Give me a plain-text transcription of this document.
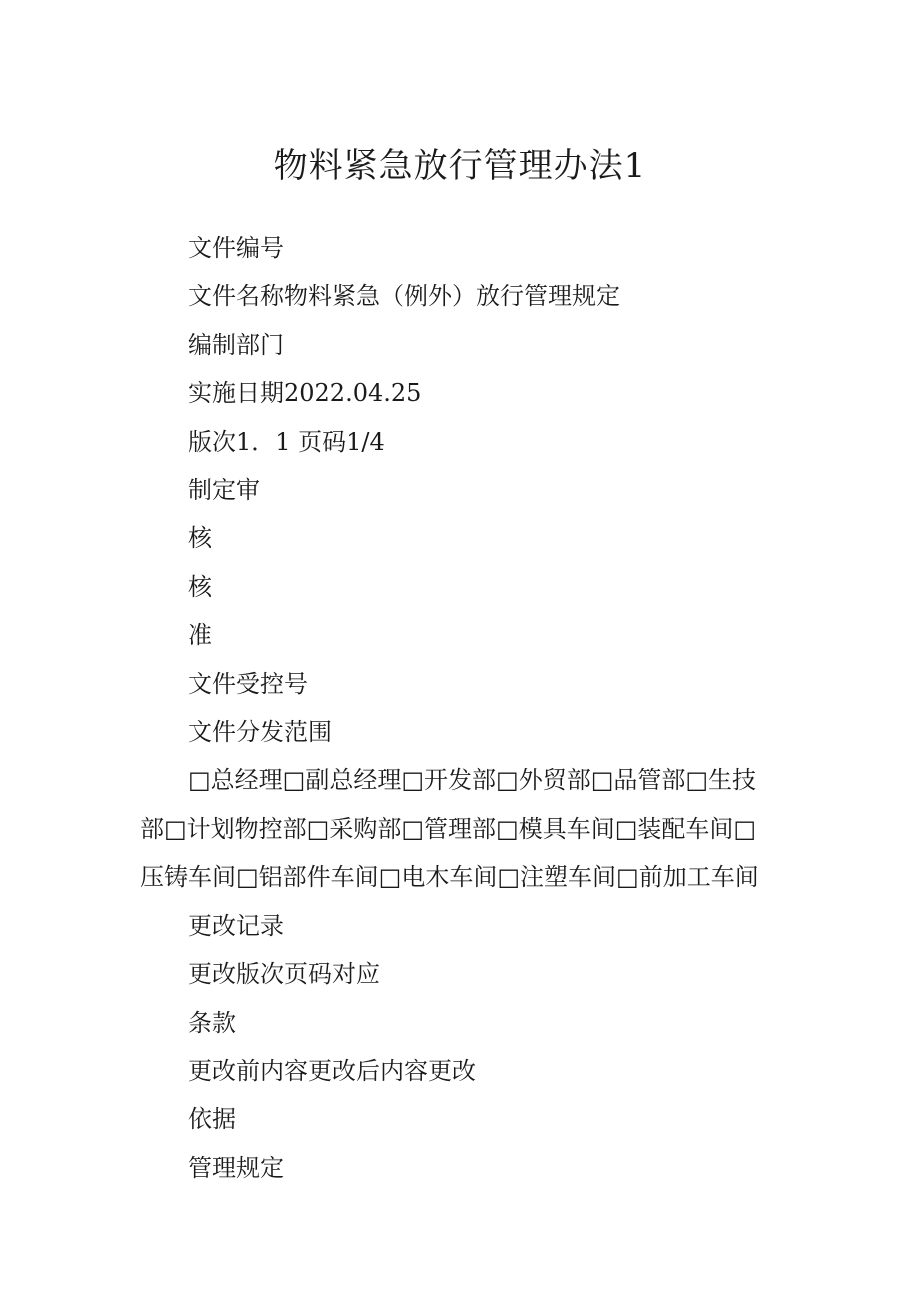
物料紧急放行管理办法1

文件编号

文件名称物料紧急（例外）放行管理规定

编制部门

实施日期2022.04.25

版次1．1 页码1/4

制定审

核

核

准

文件受控号

文件分发范围

□总经理□副总经理□开发部□外贸部□品管部□生技部□计划物控部□采购部□管理部□模具车间□装配车间□压铸车间□铝部件车间□电木车间□注塑车间□前加工车间

更改记录

更改版次页码对应

条款

更改前内容更改后内容更改

依据

管理规定
